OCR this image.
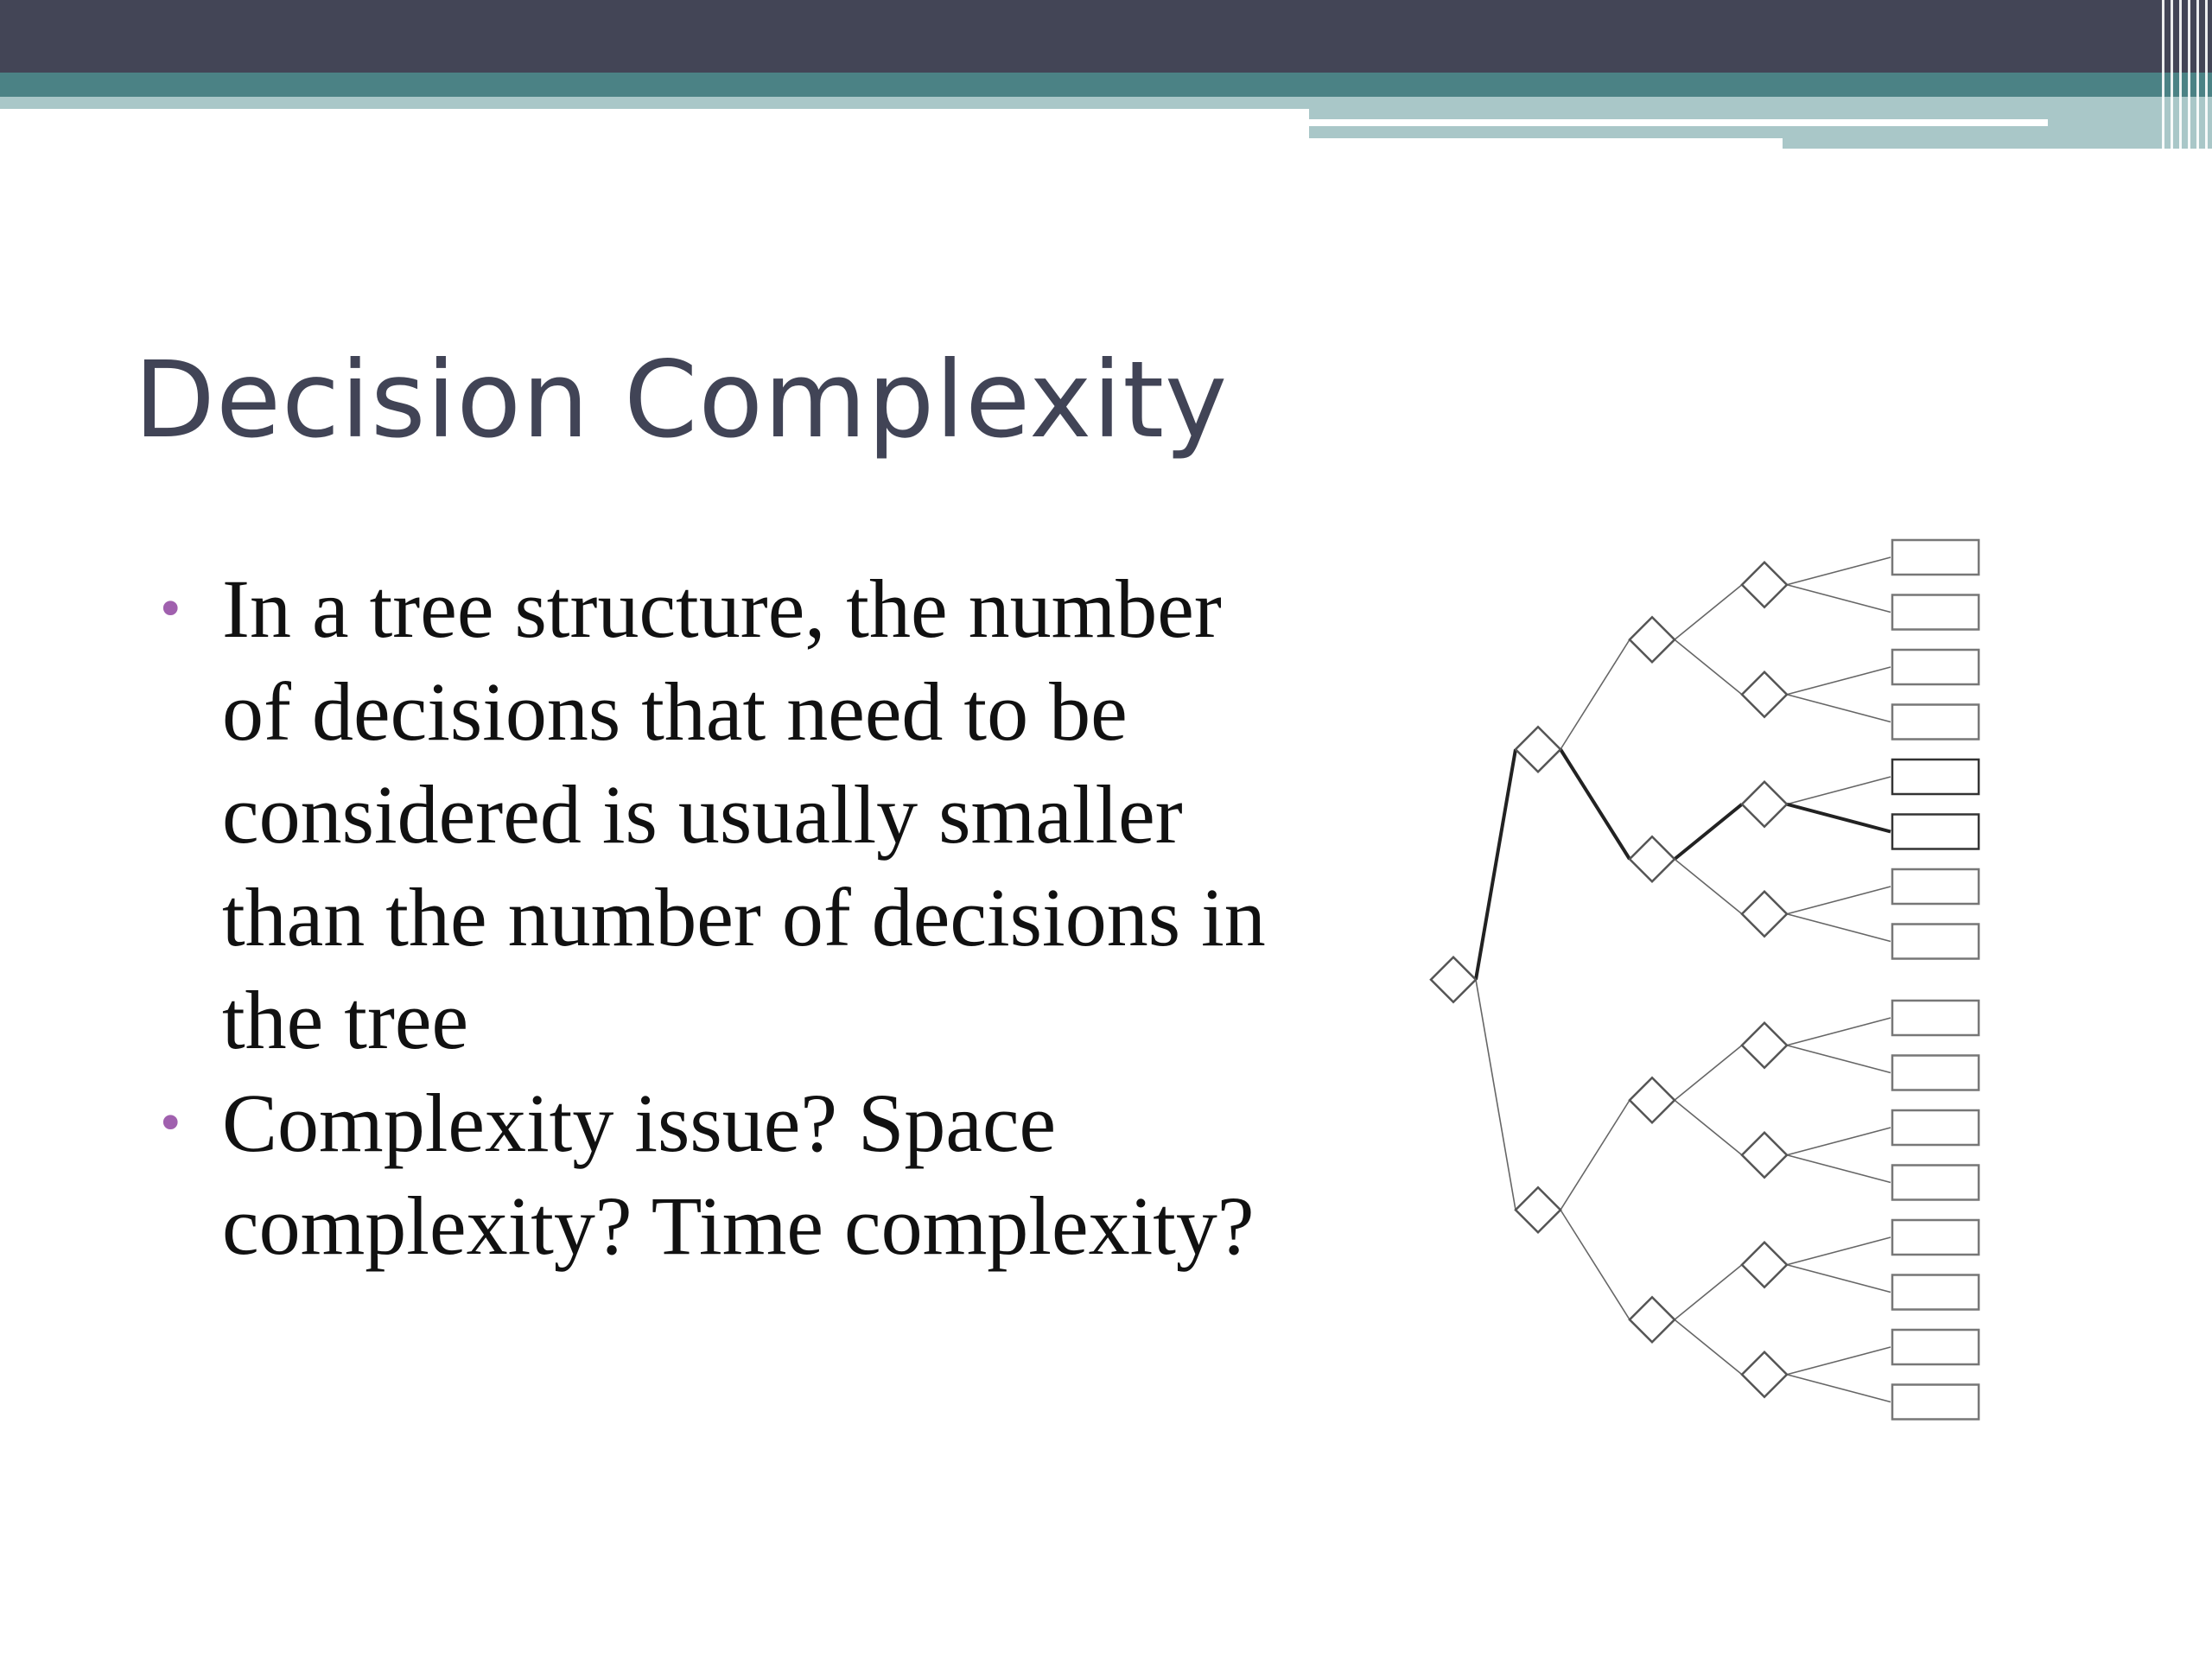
Decision Complexity
• In a tree structure, the number of decisions that need to be considered is usually smaller than the number of decisions in the tree
• Complexity issue? Space complexity? Time complexity?
